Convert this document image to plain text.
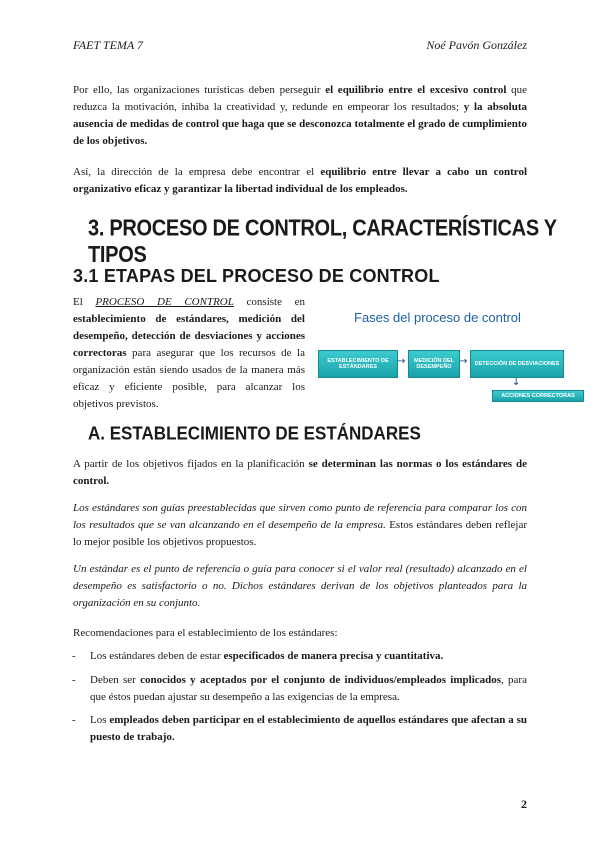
FAET TEMA 7	Noé Pavón González
Por ello, las organizaciones turísticas deben perseguir el equilibrio entre el excesivo control que reduzca la motivación, inhiba la creatividad y, redunde en empeorar los resultados; y la absoluta ausencia de medidas de control que haga que se desconozca totalmente el grado de cumplimiento de los objetivos.
Así, la dirección de la empresa debe encontrar el equilibrio entre llevar a cabo un control organizativo eficaz y garantizar la libertad individual de los empleados.
3. PROCESO DE CONTROL, CARACTERÍSTICAS Y TIPOS
3.1 ETAPAS DEL PROCESO DE CONTROL
El PROCESO DE CONTROL consiste en establecimiento de estándares, medición del desempeño, detección de desviaciones y acciones correctoras para asegurar que los recursos de la organización están siendo usados de la manera más eficaz y eficiente posible, para alcanzar los objetivos previstos.
Fases del proceso de control
ESTABLECIMIENTO DE ESTÁNDARES	→	MEDICIÓN DEL DESEMPEÑO →	DETECCIÓN DE DESVIACIONES
↓
ACCIONES CORRECTORAS
A. ESTABLECIMIENTO DE ESTÁNDARES
A partir de los objetivos fijados en la planificación se determinan las normas o los estándares de control.
Los estándares son guías preestablecidas que sirven como punto de referencia para comparar los con los resultados que se van alcanzando en el desempeño de la empresa. Estos estándares deben reflejar lo mejor posible los objetivos propuestos.
Un estándar es el punto de referencia o guía para conocer si el valor real (resultado) alcanzado en el desempeño es satisfactorio o no. Dichos estándares derivan de los objetivos planteados para la organización en su conjunto.
Recomendaciones para el establecimiento de los estándares:
- Los estándares deben de estar especificados de manera precisa y cuantitativa.
- Deben ser conocidos y aceptados por el conjunto de individuos/empleados implicados, para que éstos puedan ajustar su desempeño a las exigencias de la empresa.
- Los empleados deben participar en el establecimiento de aquellos estándares que afectan a su puesto de trabajo.
2
